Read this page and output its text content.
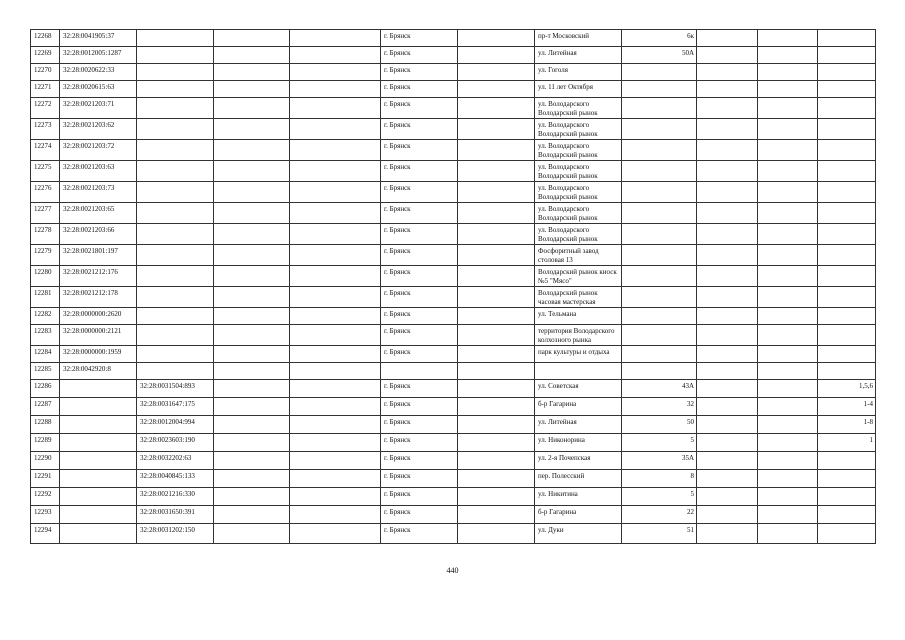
12268	32:28:0041905:37				г. Брянск		пр-т Московский	6к			
12269	32:28:0012005:1287				г. Брянск		ул. Литейная	50А			
12270	32:28:0020622:33				г. Брянск		ул. Гоголя				
12271	32:28:0020615:63				г. Брянск		ул. 11 лет Октября				
12272	32:28:0021203:71				г. Брянск		ул. Володарского Володарский рынок				
12273	32:28:0021203:62				г. Брянск		ул. Володарского Володарский рынок				
12274	32:28:0021203:72				г. Брянск		ул. Володарского Володарский рынок				
12275	32:28:0021203:63				г. Брянск		ул. Володарского Володарский рынок				
12276	32:28:0021203:73				г. Брянск		ул. Володарского Володарский рынок				
12277	32:28:0021203:65				г. Брянск		ул. Володарского Володарский рынок				
12278	32:28:0021203:66				г. Брянск		ул. Володарского Володарский рынок				
12279	32:28:0021801:197				г. Брянск		Фосфоритный завод столовая 13				
12280	32:28:0021212:176				г. Брянск		Володарский рынок киоск №5 "Мясо"				
12281	32:28:0021212:178				г. Брянск		Володарский рынок часовая мастерская				
12282	32:28:0000000:2620				г. Брянск		ул. Тельмана				
12283	32:28:0000000:2121				г. Брянск		территория Володарского колхозного рынка				
12284	32:28:0000000:1959				г. Брянск		парк культуры и отдыха				
12285	32:28:0042920:8										
12286		32:28:0031504:893			г. Брянск		ул. Советская	43А			1,5,6
12287		32:28:0031647:175			г. Брянск		б-р Гагарина	32			1-4
12288		32:28:0012004:994			г. Брянск		ул. Литейная	50			1-8
12289		32:28:0023603:190			г. Брянск		ул. Никонорина	5			1
12290		32:28:0032202:63			г. Брянск		ул. 2-я Почепская	35А			
12291		32:28:0040845:133			г. Брянск		пер. Полесский	8			
12292		32:28:0021216:330			г. Брянск		ул. Никитина	5			
12293		32:28:0031650:391			г. Брянск		б-р Гагарина	22			
12294		32:28:0031202:150			г. Брянск		ул. Дуки	51			
440
